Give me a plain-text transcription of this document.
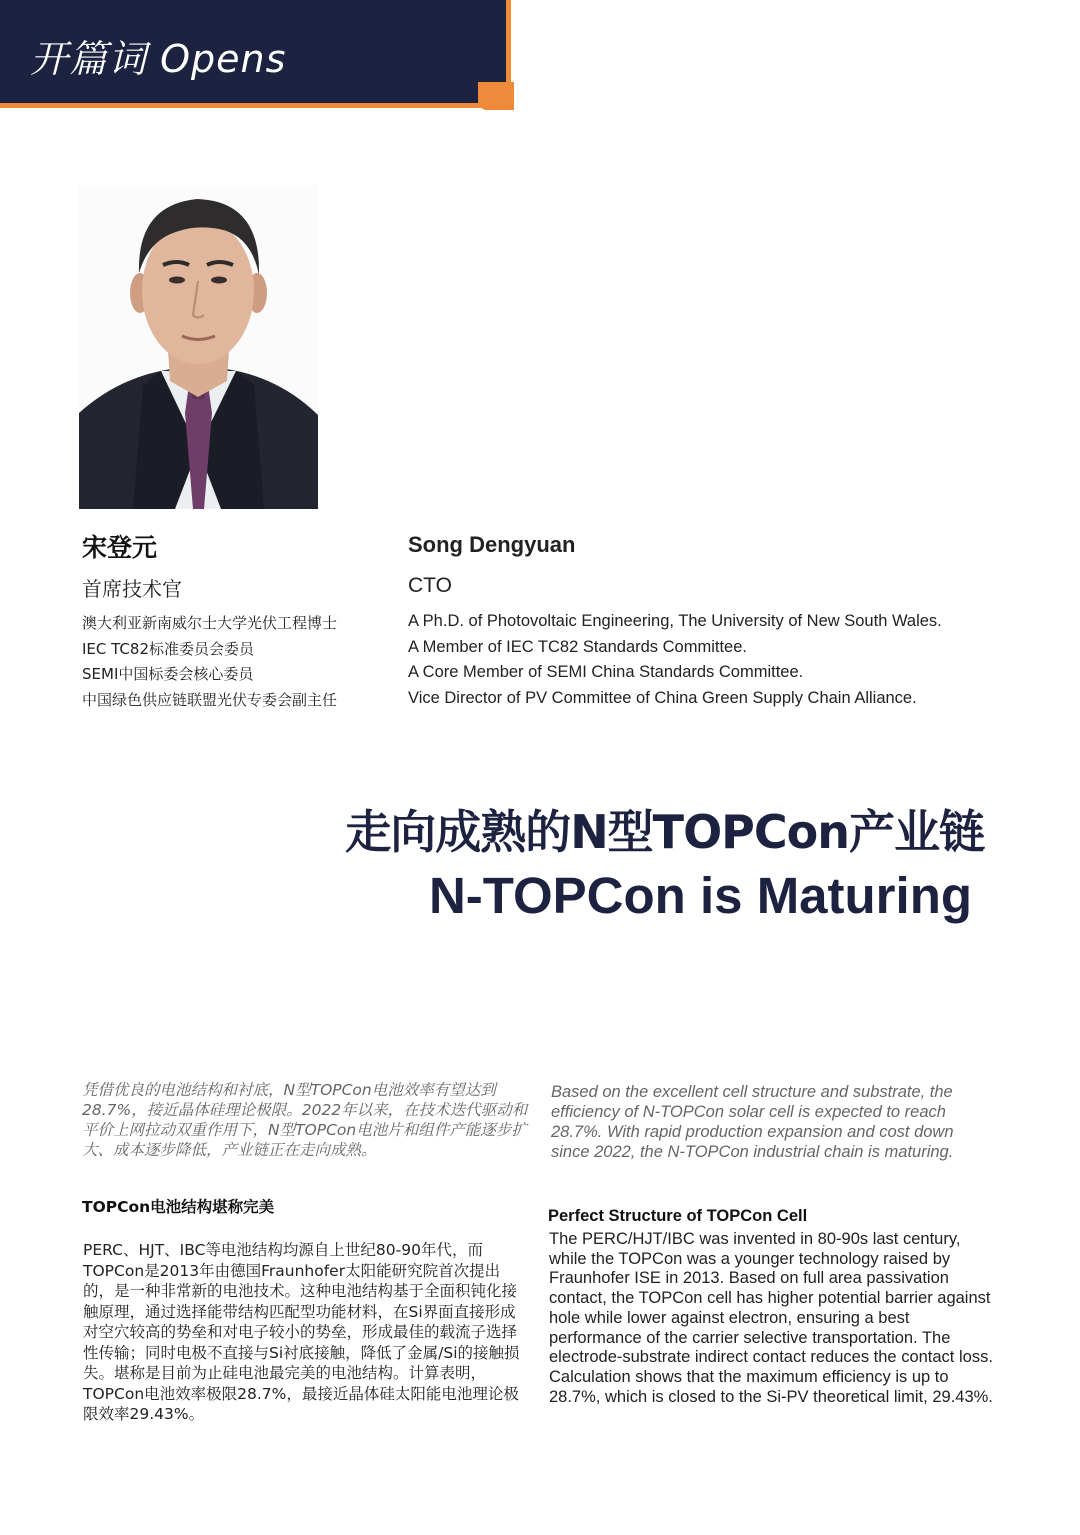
开篇词 Opens
宋登元
首席技术官
澳大利亚新南威尔士大学光伏工程博士
IEC TC82标准委员会委员
SEMI中国标委会核心委员
中国绿色供应链联盟光伏专委会副主任
Song Dengyuan
CTO
A Ph.D. of Photovoltaic Engineering, The University of New South Wales.
A Member of IEC TC82 Standards Committee.
A Core Member of SEMI China Standards Committee.
Vice Director of PV Committee of China Green Supply Chain Alliance.
走向成熟的N型TOPCon产业链
N-TOPCon is Maturing
凭借优良的电池结构和衬底，N型TOPCon电池效率有望达到28.7%，接近晶体硅理论极限。2022年以来，在技术迭代驱动和平价上网拉动双重作用下，N型TOPCon电池片和组件产能逐步扩大、成本逐步降低，产业链正在走向成熟。
Based on the excellent cell structure and substrate, the efficiency of N-TOPCon solar cell is expected to reach 28.7%. With rapid production expansion and cost down since 2022, the N-TOPCon industrial chain is maturing.
TOPCon电池结构堪称完美	Perfect Structure of TOPCon Cell
PERC、HJT、IBC等电池结构均源自上世纪80-90年代，而TOPCon是2013年由德国Fraunhofer太阳能研究院首次提出的，是一种非常新的电池技术。这种电池结构基于全面积钝化接触原理，通过选择能带结构匹配型功能材料，在Si界面直接形成对空穴较高的势垒和对电子较小的势垒，形成最佳的载流子选择性传输；同时电极不直接与Si衬底接触，降低了金属/Si的接触损失。堪称是目前为止硅电池最完美的电池结构。计算表明，TOPCon电池效率极限28.7%，最接近晶体硅太阳能电池理论极限效率29.43%。
The PERC/HJT/IBC was invented in 80-90s last century, while the TOPCon was a younger technology raised by Fraunhofer ISE in 2013. Based on full area passivation contact, the TOPCon cell has higher potential barrier against hole while lower against electron, ensuring a best performance of the carrier selective transportation. The electrode-substrate indirect contact reduces the contact loss. Calculation shows that the maximum efficiency is up to 28.7%, which is closed to the Si-PV theoretical limit, 29.43%.
